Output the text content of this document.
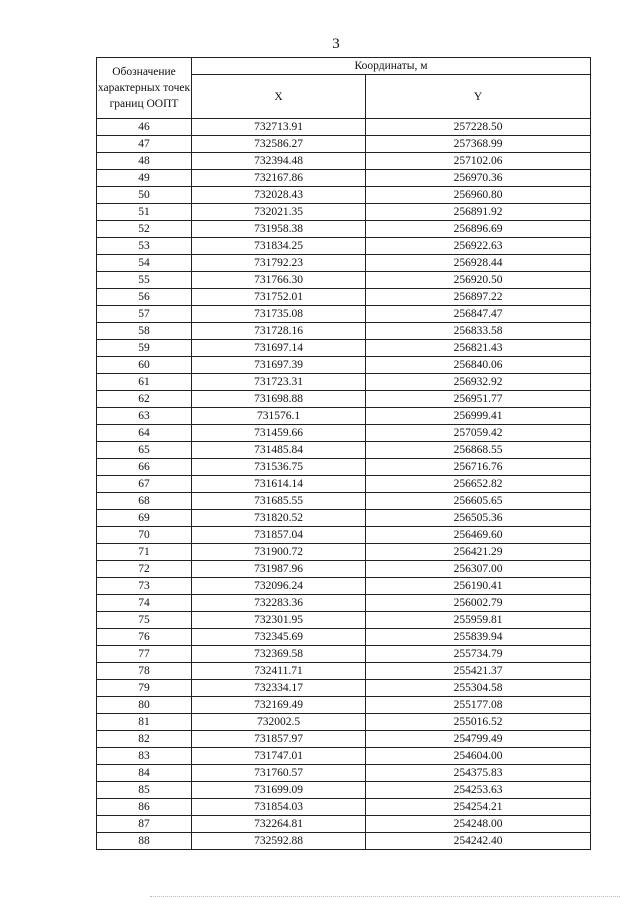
3
Обозначение характерных точек границ ООПТ	Координаты, м	
	X	Y
46	732713.91	257228.50
47	732586.27	257368.99
48	732394.48	257102.06
49	732167.86	256970.36
50	732028.43	256960.80
51	732021.35	256891.92
52	731958.38	256896.69
53	731834.25	256922.63
54	731792.23	256928.44
55	731766.30	256920.50
56	731752.01	256897.22
57	731735.08	256847.47
58	731728.16	256833.58
59	731697.14	256821.43
60	731697.39	256840.06
61	731723.31	256932.92
62	731698.88	256951.77
63	731576.1	256999.41
64	731459.66	257059.42
65	731485.84	256868.55
66	731536.75	256716.76
67	731614.14	256652.82
68	731685.55	256605.65
69	731820.52	256505.36
70	731857.04	256469.60
71	731900.72	256421.29
72	731987.96	256307.00
73	732096.24	256190.41
74	732283.36	256002.79
75	732301.95	255959.81
76	732345.69	255839.94
77	732369.58	255734.79
78	732411.71	255421.37
79	732334.17	255304.58
80	732169.49	255177.08
81	732002.5	255016.52
82	731857.97	254799.49
83	731747.01	254604.00
84	731760.57	254375.83
85	731699.09	254253.63
86	731854.03	254254.21
87	732264.81	254248.00
88	732592.88	254242.40
